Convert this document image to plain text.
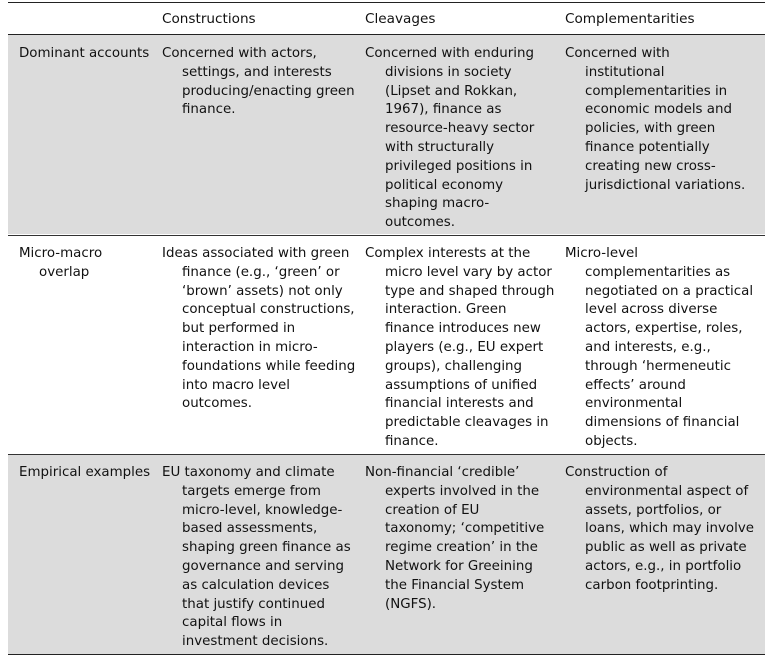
Constructions	Cleavages	Complementarities
Dominant accounts Concerned with actors,
settings, and interests
producing/enacting green
finance.
Concerned with enduring
divisions in society
(Lipset and Rokkan,
1967), finance as
resource-heavy sector
with structurally
privileged positions in
political economy
shaping macro-
outcomes.
Concerned with
institutional
complementarities in
economic models and
policies, with green
finance potentially
creating new cross-
jurisdictional variations.
Micro-macro
overlap
Ideas associated with green
finance (e.g., ‘green’ or
‘brown’ assets) not only
conceptual constructions,
but performed in
interaction in micro-
foundations while feeding
into macro level
outcomes.
Complex interests at the
micro level vary by actor
type and shaped through
interaction. Green
finance introduces new
players (e.g., EU expert
groups), challenging
assumptions of unified
financial interests and
predictable cleavages in
finance.
Micro-level
complementarities as
negotiated on a practical
level across diverse
actors, expertise, roles,
and interests, e.g.,
through ‘hermeneutic
effects’ around
environmental
dimensions of financial
objects.
Empirical examples EU taxonomy and climate
targets emerge from
micro-level, knowledge-
based assessments,
shaping green finance as
governance and serving
as calculation devices
that justify continued
capital flows in
investment decisions.
Non-financial ‘credible’
experts involved in the
creation of EU
taxonomy; ‘competitive
regime creation’ in the
Network for Greeining
the Financial System
(NGFS).
Construction of
environmental aspect of
assets, portfolios, or
loans, which may involve
public as well as private
actors, e.g., in portfolio
carbon footprinting.
